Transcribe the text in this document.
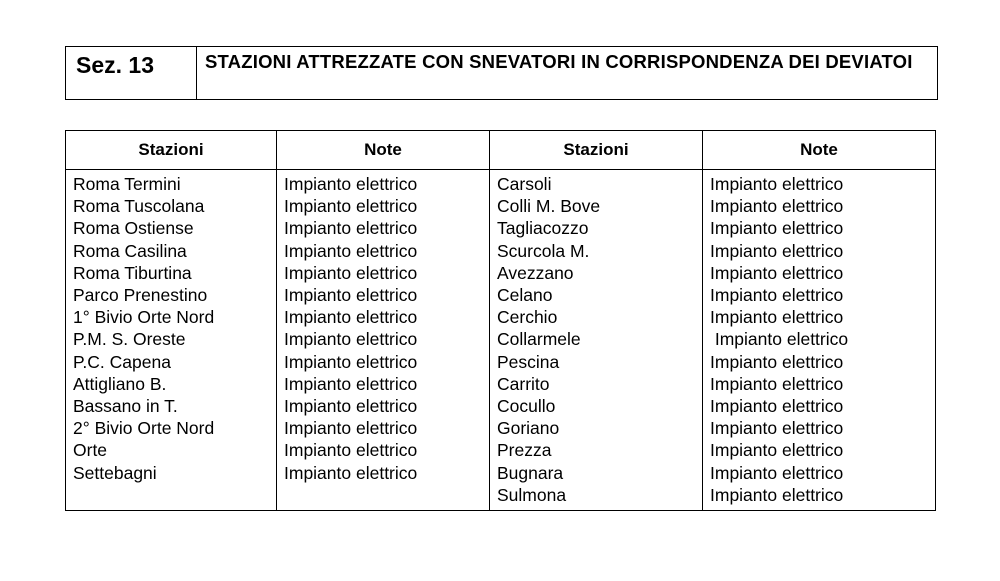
Sez. 13	STAZIONI ATTREZZATE CON SNEVATORI IN CORRISPONDENZA DEI DEVIATOI
Stazioni	Note	Stazioni	Note
Roma Termini	Impianto elettrico	Carsoli	Impianto elettrico
Roma Tuscolana	Impianto elettrico	Colli M. Bove	Impianto elettrico
Roma Ostiense	Impianto elettrico	Tagliacozzo	Impianto elettrico
Roma Casilina	Impianto elettrico	Scurcola M.	Impianto elettrico
Roma Tiburtina	Impianto elettrico	Avezzano	Impianto elettrico
Parco Prenestino	Impianto elettrico	Celano	Impianto elettrico
1° Bivio Orte Nord	Impianto elettrico	Cerchio	Impianto elettrico
P.M. S. Oreste	Impianto elettrico	Collarmele	Impianto elettrico
P.C. Capena	Impianto elettrico	Pescina	Impianto elettrico
Attigliano B.	Impianto elettrico	Carrito	Impianto elettrico
Bassano in T.	Impianto elettrico	Cocullo	Impianto elettrico
2° Bivio Orte Nord	Impianto elettrico	Goriano	Impianto elettrico
Orte	Impianto elettrico	Prezza	Impianto elettrico
Settebagni	Impianto elettrico	Bugnara	Impianto elettrico
		Sulmona	Impianto elettrico
